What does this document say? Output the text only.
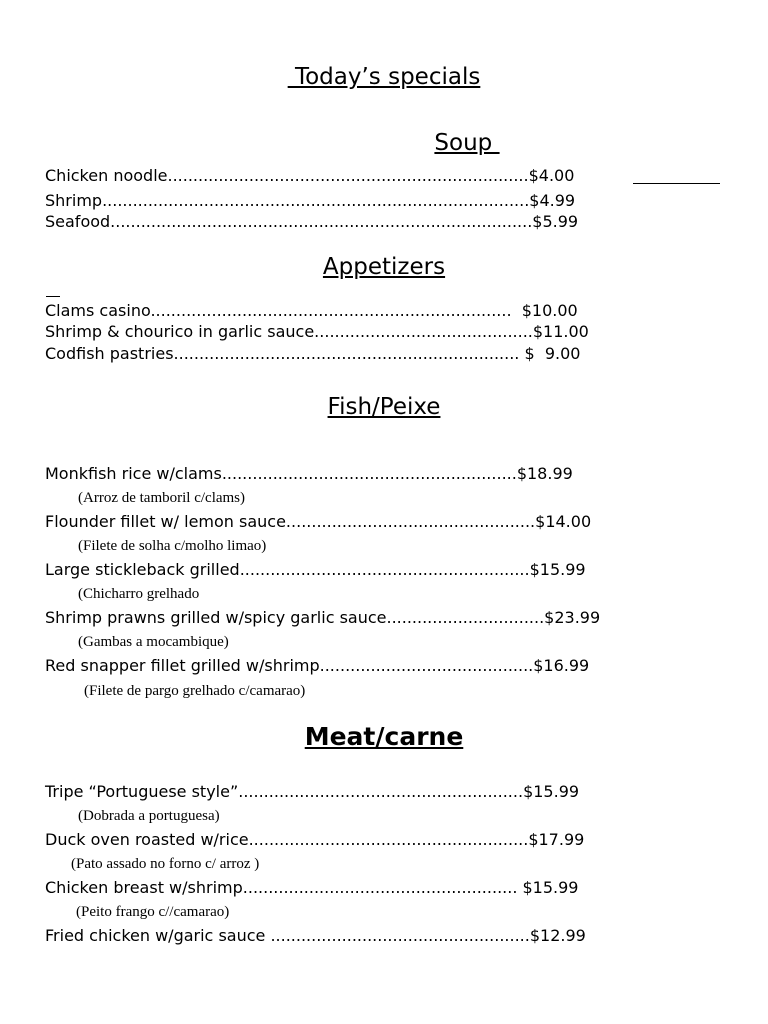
Today’s specials
Soup
Chicken noodle.......................................................................$4.00
Shrimp....................................................................................$4.99
Seafood...................................................................................$5.99
Appetizers
Clams casino.......................................................................  $10.00
Shrimp & chourico in garlic sauce...........................................$11.00
Codfish pastries.................................................................... $  9.00
Fish/Peixe
Monkfish rice w/clams..........................................................$18.99
(Arroz de tamboril c/clams)
Flounder fillet w/ lemon sauce.................................................$14.00
(Filete de solha c/molho limao)
Large stickleback grilled.........................................................$15.99
(Chicharro grelhado
Shrimp prawns grilled w/spicy garlic sauce...............................$23.99
(Gambas a mocambique)
Red snapper fillet grilled w/shrimp..........................................$16.99
(Filete de pargo grelhado c/camarao)
Meat/carne
Tripe “Portuguese style”........................................................$15.99
(Dobrada a portuguesa)
Duck oven roasted w/rice.......................................................$17.99
(Pato assado no forno c/ arroz )
Chicken breast w/shrimp...................................................... $15.99
(Peito frango c//camarao)
Fried chicken w/garic sauce ...................................................$12.99
